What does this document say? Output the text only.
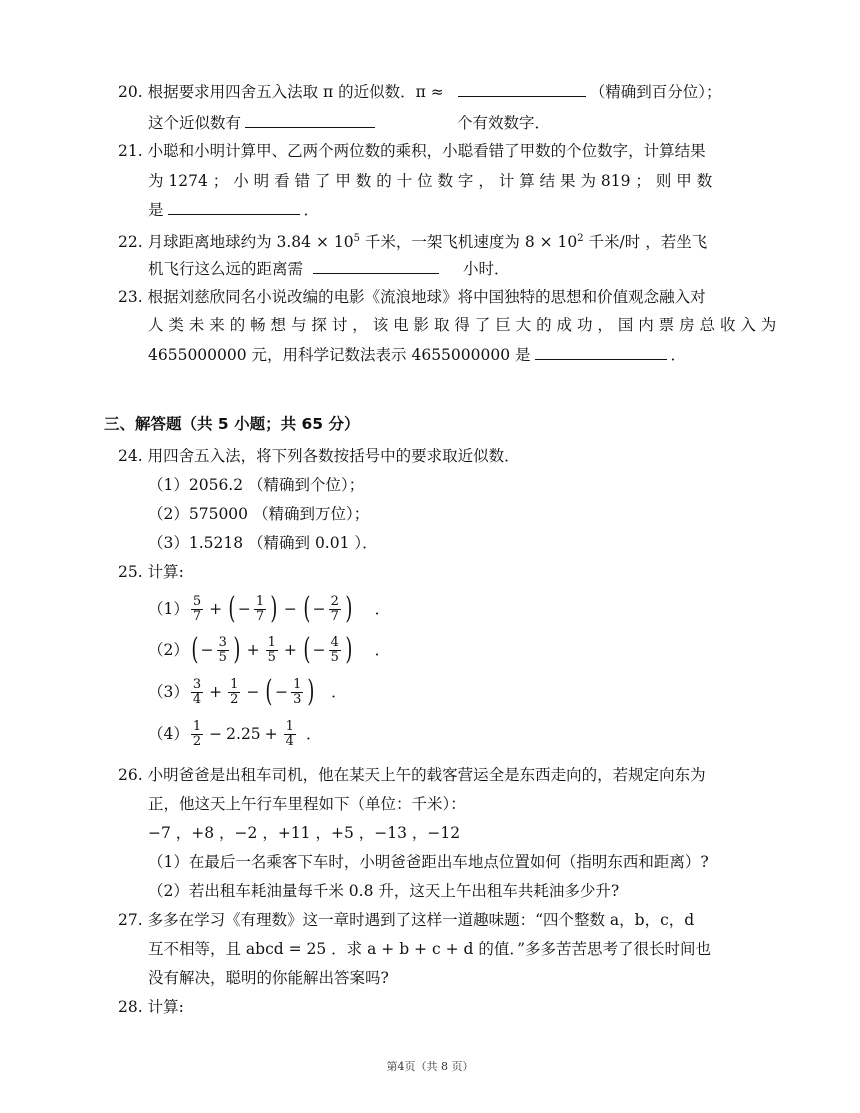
20. 根据要求用四舍五入法取 π 的近似数．π ≈	（精确到百分位）；
这个近似数有	个有效数字．
21. 小聪和小明计算甲、乙两个两位数的乘积，小聪看错了甲数的个位数字，计算结果
为 1274 ； 小 明 看 错 了 甲 数 的 十 位 数 字 ， 计 算 结 果 为 819 ； 则 甲 数
是	．
22. 月球距离地球约为 $3.84 \times 10^5$ 千米，一架飞机速度为 $8 \times 10^2$ 千米/时 ，若坐飞
机飞行这么远的距离需	小时．
23. 根据刘慈欣同名小说改编的电影《流浪地球》将中国独特的思想和价值观念融入对
人 类 未 来 的 畅 想 与 探 讨 ， 该 电 影 取 得 了 巨 大 的 成 功 ， 国 内 票 房 总 收 入 为
4655000000 元，用科学记数法表示 4655000000 是	．
三、解答题（共 5 小题；共 65 分）
24. 用四舍五入法，将下列各数按括号中的要求取近似数．
（1）2056.2 （精确到个位）；
（2）575000 （精确到万位）；
（3）1.5218 （精确到 0.01 ）．
25. 计算:
$(1) \frac{5}{7}$ + ( − $\frac{1}{7}$ ) − ( − $\frac{2}{7}$ ) ．
（2） ( − $\frac{3}{5}$ ) + $\frac{1}{5}$ + ( − $\frac{4}{5}$ ) ．
$(3) \frac{3}{4} + \frac{1}{2}$ − ( − $\frac{1}{3}$ ) ．
$(4) \frac{1}{2} - 2.25 + \frac{1}{4}$ ．
26. 小明爸爸是出租车司机，他在某天上午的载客营运全是东西走向的，若规定向东为
正，他这天上午行车里程如下（单位：千米）：
−7 ，+8 ，−2 ，+11 ，+5 ，−13 ，−12
（1）在最后一名乘客下车时，小明爸爸距出车地点位置如何（指明东西和距离）?
（2）若出租车耗油量每千米 0.8 升，这天上午出租车共耗油多少升?
27. 多多在学习《有理数》这一章时遇到了这样一道趣味题：“四个整数 a，b，c，d
互不相等，且 abcd = 25 ．求 a + b + c + d 的值．”多多苦苦思考了很长时间也
没有解决，聪明的你能解出答案吗?
28. 计算:
第4页（共 8 页）
